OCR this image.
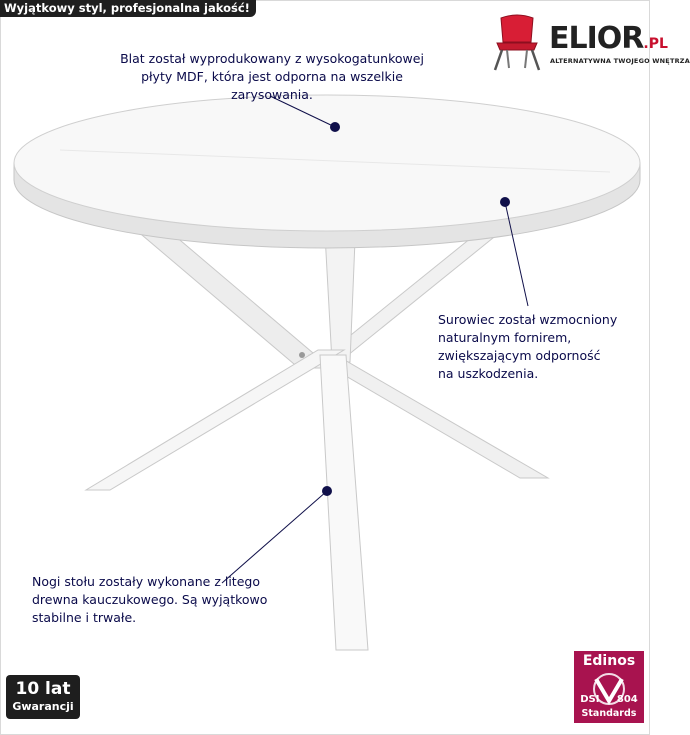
Wyjątkowy styl, profesjonalna jakość!
ELIOR.PL
ALTERNATYWNA TWOJEGO WNĘTRZA
Blat został wyprodukowany z wysokogatunkowej
płyty MDF, która jest odporna na wszelkie
zarysowania.
Surowiec został wzmocniony
naturalnym fornirem,
zwiększającym odporność
na uszkodzenia.
Nogi stołu zostały wykonane z litego
drewna kauczukowego. Są wyjątkowo
stabilne i trwałe.
10 lat
Gwarancji
Edinos
DSI 804
Standards
